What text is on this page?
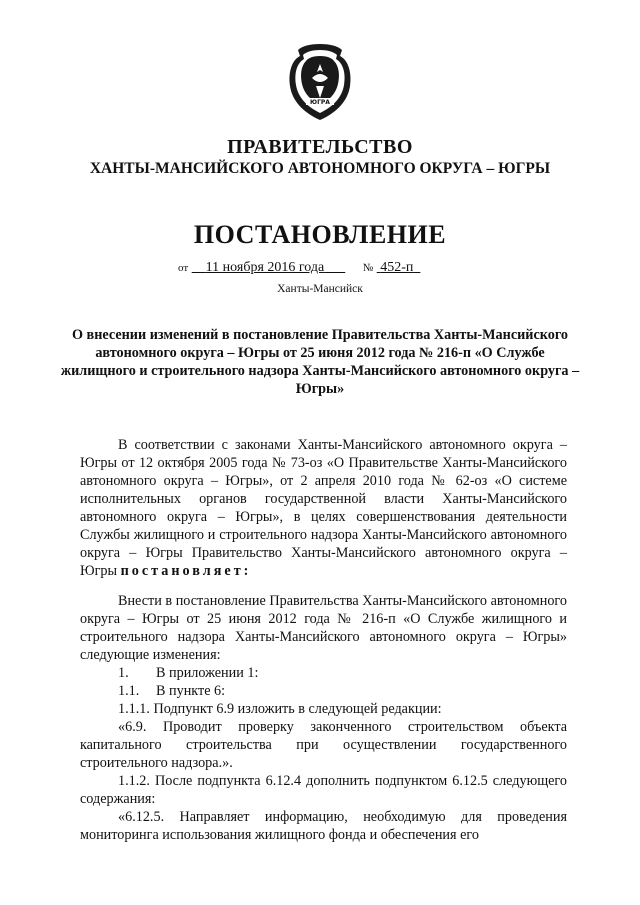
ЮГРА
ПРАВИТЕЛЬСТВО
ХАНТЫ-МАНСИЙСКОГО АВТОНОМНОГО ОКРУГА – ЮГРЫ
ПОСТАНОВЛЕНИЕ
от 11 ноября 2016 года	№ 452-п
Ханты-Мансийск
О внесении изменений в постановление Правительства Ханты-Мансийского автономного округа – Югры от 25 июня 2012 года № 216-п «О Службе жилищного и строительного надзора Ханты-Мансийского автономного округа – Югры»

В соответствии с законами Ханты-Мансийского автономного округа – Югры от 12 октября 2005 года № 73-оз «О Правительстве Ханты-Мансийского автономного округа – Югры», от 2 апреля 2010 года № 62-оз «О системе исполнительных органов государственной власти Ханты-Мансийского автономного округа – Югры», в целях совершенствования деятельности Службы жилищного и строительного надзора Ханты-Мансийского автономного округа – Югры Правительство Ханты-Мансийского автономного округа – Югры постановляет:

Внести в постановление Правительства Ханты-Мансийского автономного округа – Югры от 25 июня 2012 года № 216-п «О Службе жилищного и строительного надзора Ханты-Мансийского автономного округа – Югры» следующие изменения:

1. В приложении 1:

1.1. В пункте 6:

1.1.1. Подпункт 6.9 изложить в следующей редакции:

«6.9. Проводит проверку законченного строительством объекта капитального строительства при осуществлении государственного строительного надзора.».

1.1.2. После подпункта 6.12.4 дополнить подпунктом 6.12.5 следующего содержания:

«6.12.5. Направляет информацию, необходимую для проведения мониторинга использования жилищного фонда и обеспечения его
